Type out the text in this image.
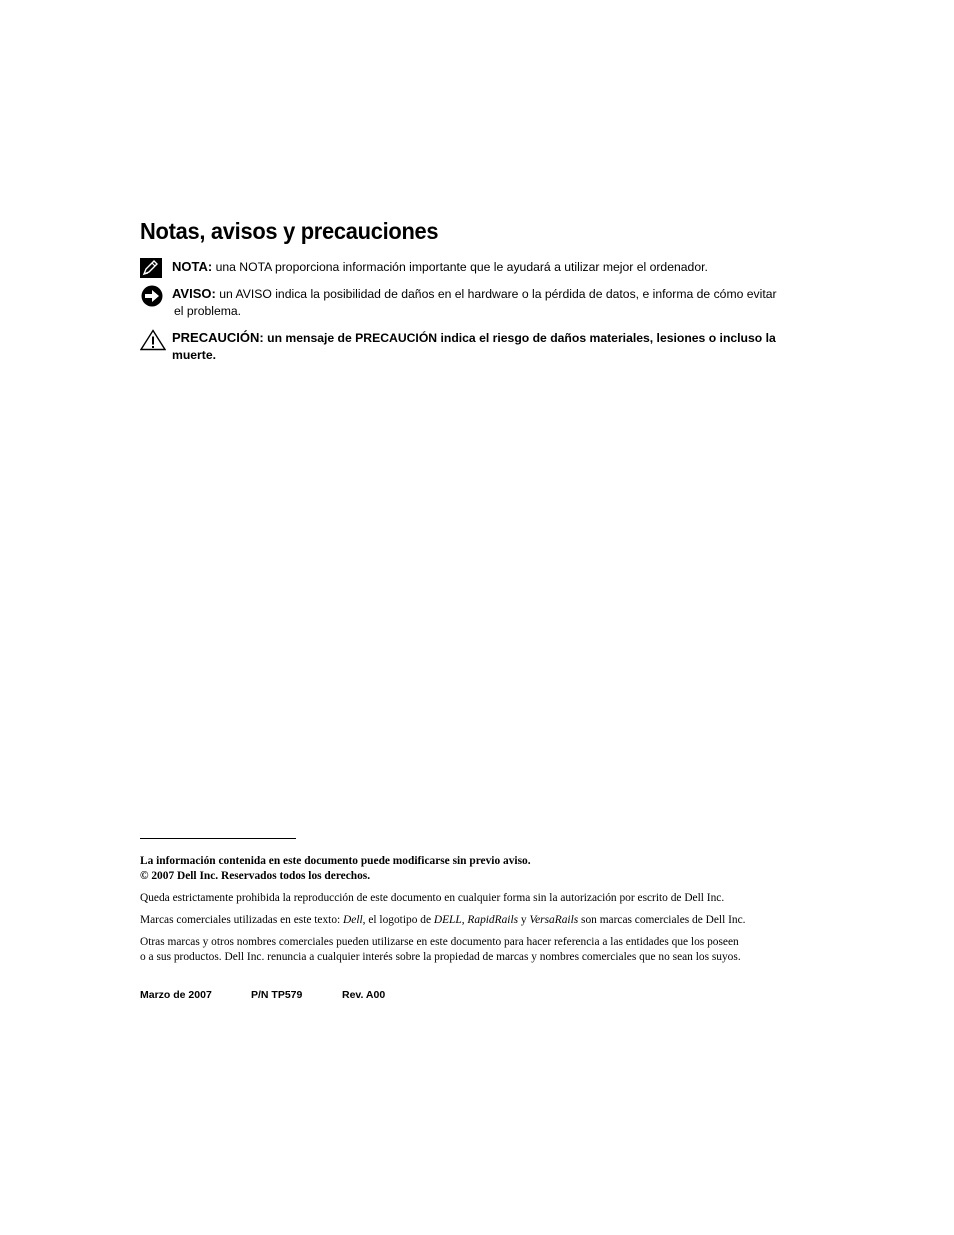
Notas, avisos y precauciones
NOTA: una NOTA proporciona información importante que le ayudará a utilizar mejor el ordenador.
AVISO: un AVISO indica la posibilidad de daños en el hardware o la pérdida de datos, e informa de cómo evitar
el problema.
PRECAUCIÓN: un mensaje de PRECAUCIÓN indica el riesgo de daños materiales, lesiones o incluso la muerte.
La información contenida en este documento puede modificarse sin previo aviso.
© 2007 Dell Inc. Reservados todos los derechos.
Queda estrictamente prohibida la reproducción de este documento en cualquier forma sin la autorización por escrito de Dell Inc.
Marcas comerciales utilizadas en este texto: Dell, el logotipo de DELL, RapidRails y VersaRails son marcas comerciales de Dell Inc.
Otras marcas y otros nombres comerciales pueden utilizarse en este documento para hacer referencia a las entidades que los poseen
o a sus productos. Dell Inc. renuncia a cualquier interés sobre la propiedad de marcas y nombres comerciales que no sean los suyos.
Marzo de 2007	P/N TP579	Rev. A00
